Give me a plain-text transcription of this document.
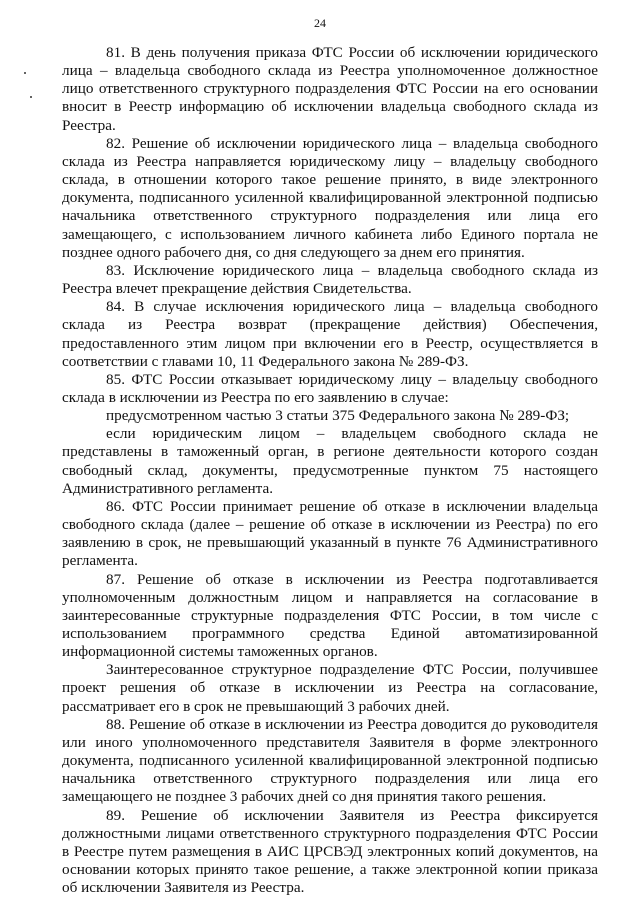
24

81. В день получения приказа ФТС России об исключении юридического лица – владельца свободного склада из Реестра уполномоченное должностное лицо ответственного структурного подразделения ФТС России на его основании вносит в Реестр информацию об исключении владельца свободного склада из Реестра.

82. Решение об исключении юридического лица – владельца свободного склада из Реестра направляется юридическому лицу – владельцу свободного склада, в отношении которого такое решение принято, в виде электронного документа, подписанного усиленной квалифицированной электронной подписью начальника ответственного структурного подразделения или лица его замещающего, с использованием личного кабинета либо Единого портала не позднее одного рабочего дня, со дня следующего за днем его принятия.

83. Исключение юридического лица – владельца свободного склада из Реестра влечет прекращение действия Свидетельства.

84. В случае исключения юридического лица – владельца свободного склада из Реестра возврат (прекращение действия) Обеспечения, предоставленного этим лицом при включении его в Реестр, осуществляется в соответствии с главами 10, 11 Федерального закона № 289-ФЗ.

85. ФТС России отказывает юридическому лицу – владельцу свободного склада в исключении из Реестра по его заявлению в случае:

предусмотренном частью 3 статьи 375 Федерального закона № 289-ФЗ;

если юридическим лицом – владельцем свободного склада не представлены в таможенный орган, в регионе деятельности которого создан свободный склад, документы, предусмотренные пунктом 75 настоящего Административного регламента.

86. ФТС России принимает решение об отказе в исключении владельца свободного склада (далее – решение об отказе в исключении из Реестра) по его заявлению в срок, не превышающий указанный в пункте 76 Административного регламента.

87. Решение об отказе в исключении из Реестра подготавливается уполномоченным должностным лицом и направляется на согласование в заинтересованные структурные подразделения ФТС России, в том числе с использованием программного средства Единой автоматизированной информационной системы таможенных органов.

Заинтересованное структурное подразделение ФТС России, получившее проект решения об отказе в исключении из Реестра на согласование, рассматривает его в срок не превышающий 3 рабочих дней.

88. Решение об отказе в исключении из Реестра доводится до руководителя или иного уполномоченного представителя Заявителя в форме электронного документа, подписанного усиленной квалифицированной электронной подписью начальника ответственного структурного подразделения или лица его замещающего не позднее 3 рабочих дней со дня принятия такого решения.

89. Решение об исключении Заявителя из Реестра фиксируется должностными лицами ответственного структурного подразделения ФТС России в Реестре путем размещения в АИС ЦРСВЭД электронных копий документов, на основании которых принято такое решение, а также электронной копии приказа об исключении Заявителя из Реестра.
